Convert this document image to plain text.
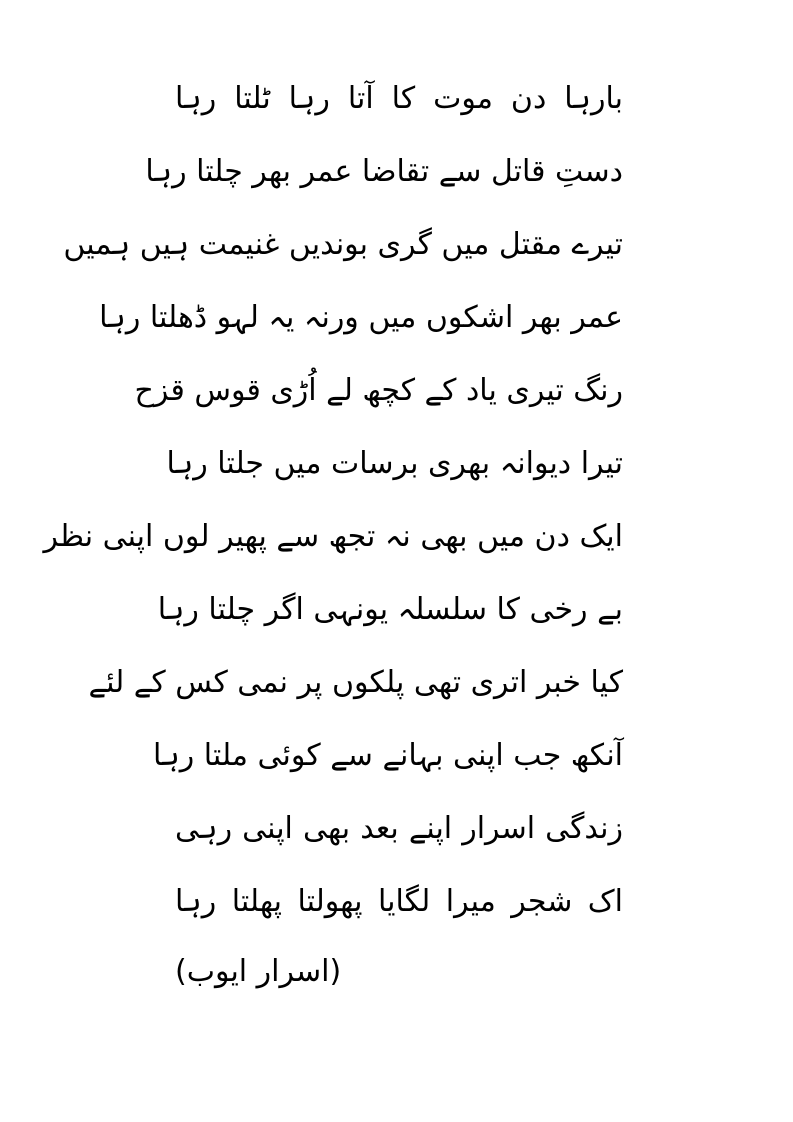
بارہا دن موت کا آتا رہا ٹلتا رہا
دستِ قاتل سے تقاضا عمر بھر چلتا رہا
تیرے مقتل میں گری بوندیں غنیمت ہیں ہمیں
عمر بھر اشکوں میں ورنہ یہ لہو ڈھلتا رہا
رنگ تیری یاد کے کچھ لے اُڑی قوس قزح
تیرا دیوانہ بھری برسات میں جلتا رہا
ایک دن میں بھی نہ تجھ سے پھیر لوں اپنی نظر
بے رخی کا سلسلہ یونہی اگر چلتا رہا
کیا خبر اتری تھی پلکوں پر نمی کس کے لئے
آنکھ جب اپنی بہانے سے کوئی ملتا رہا
زندگی اسرار اپنے بعد بھی اپنی رہی
اک شجر میرا لگایا پھولتا پھلتا رہا
(اسرار ایوب)
